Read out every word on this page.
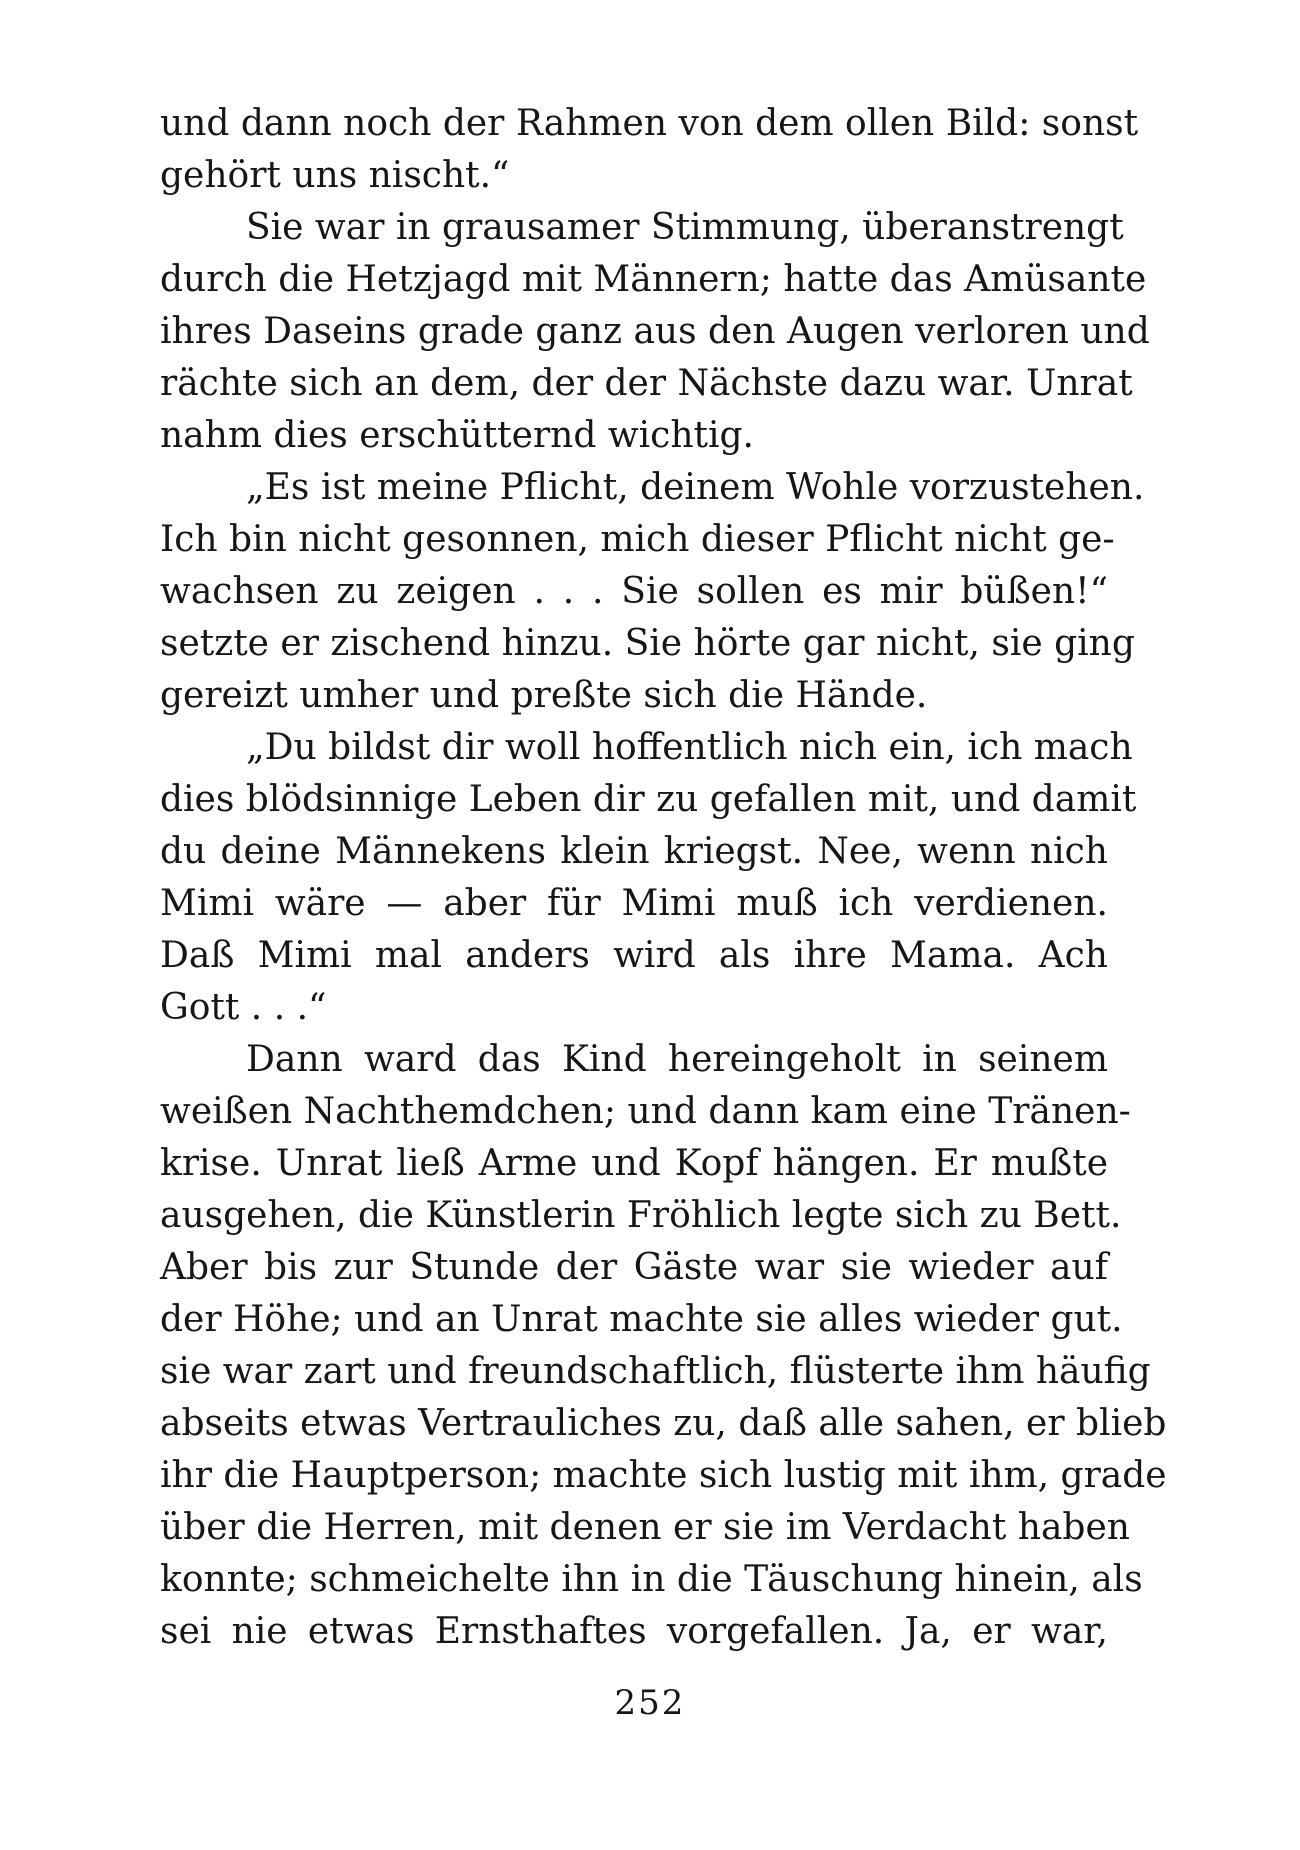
und dann noch der Rahmen von dem ollen Bild: sonst
gehört uns nischt.“
Sie war in grausamer Stimmung, überanstrengt
durch die Hetzjagd mit Männern; hatte das Amüsante
ihres Daseins grade ganz aus den Augen verloren und
rächte sich an dem, der der Nächste dazu war. Unrat
nahm dies erschütternd wichtig.
„Es ist meine Pflicht, deinem Wohle vorzustehen.
Ich bin nicht gesonnen, mich dieser Pflicht nicht ge-
wachsen zu zeigen . . . Sie sollen es mir büßen!“
setzte er zischend hinzu. Sie hörte gar nicht, sie ging
gereizt umher und preßte sich die Hände.
„Du bildst dir woll hoffentlich nich ein, ich mach
dies blödsinnige Leben dir zu gefallen mit, und damit
du deine Männekens klein kriegst. Nee, wenn nich
Mimi wäre — aber für Mimi muß ich verdienen.
Daß Mimi mal anders wird als ihre Mama. Ach
Gott . . .“
Dann ward das Kind hereingeholt in seinem
weißen Nachthemdchen; und dann kam eine Tränen-
krise. Unrat ließ Arme und Kopf hängen. Er mußte
ausgehen, die Künstlerin Fröhlich legte sich zu Bett.
Aber bis zur Stunde der Gäste war sie wieder auf
der Höhe; und an Unrat machte sie alles wieder gut.
sie war zart und freundschaftlich, flüsterte ihm häufig
abseits etwas Vertrauliches zu, daß alle sahen, er blieb
ihr die Hauptperson; machte sich lustig mit ihm, grade
über die Herren, mit denen er sie im Verdacht haben
konnte; schmeichelte ihn in die Täuschung hinein, als
sei nie etwas Ernsthaftes vorgefallen. Ja, er war,
252
